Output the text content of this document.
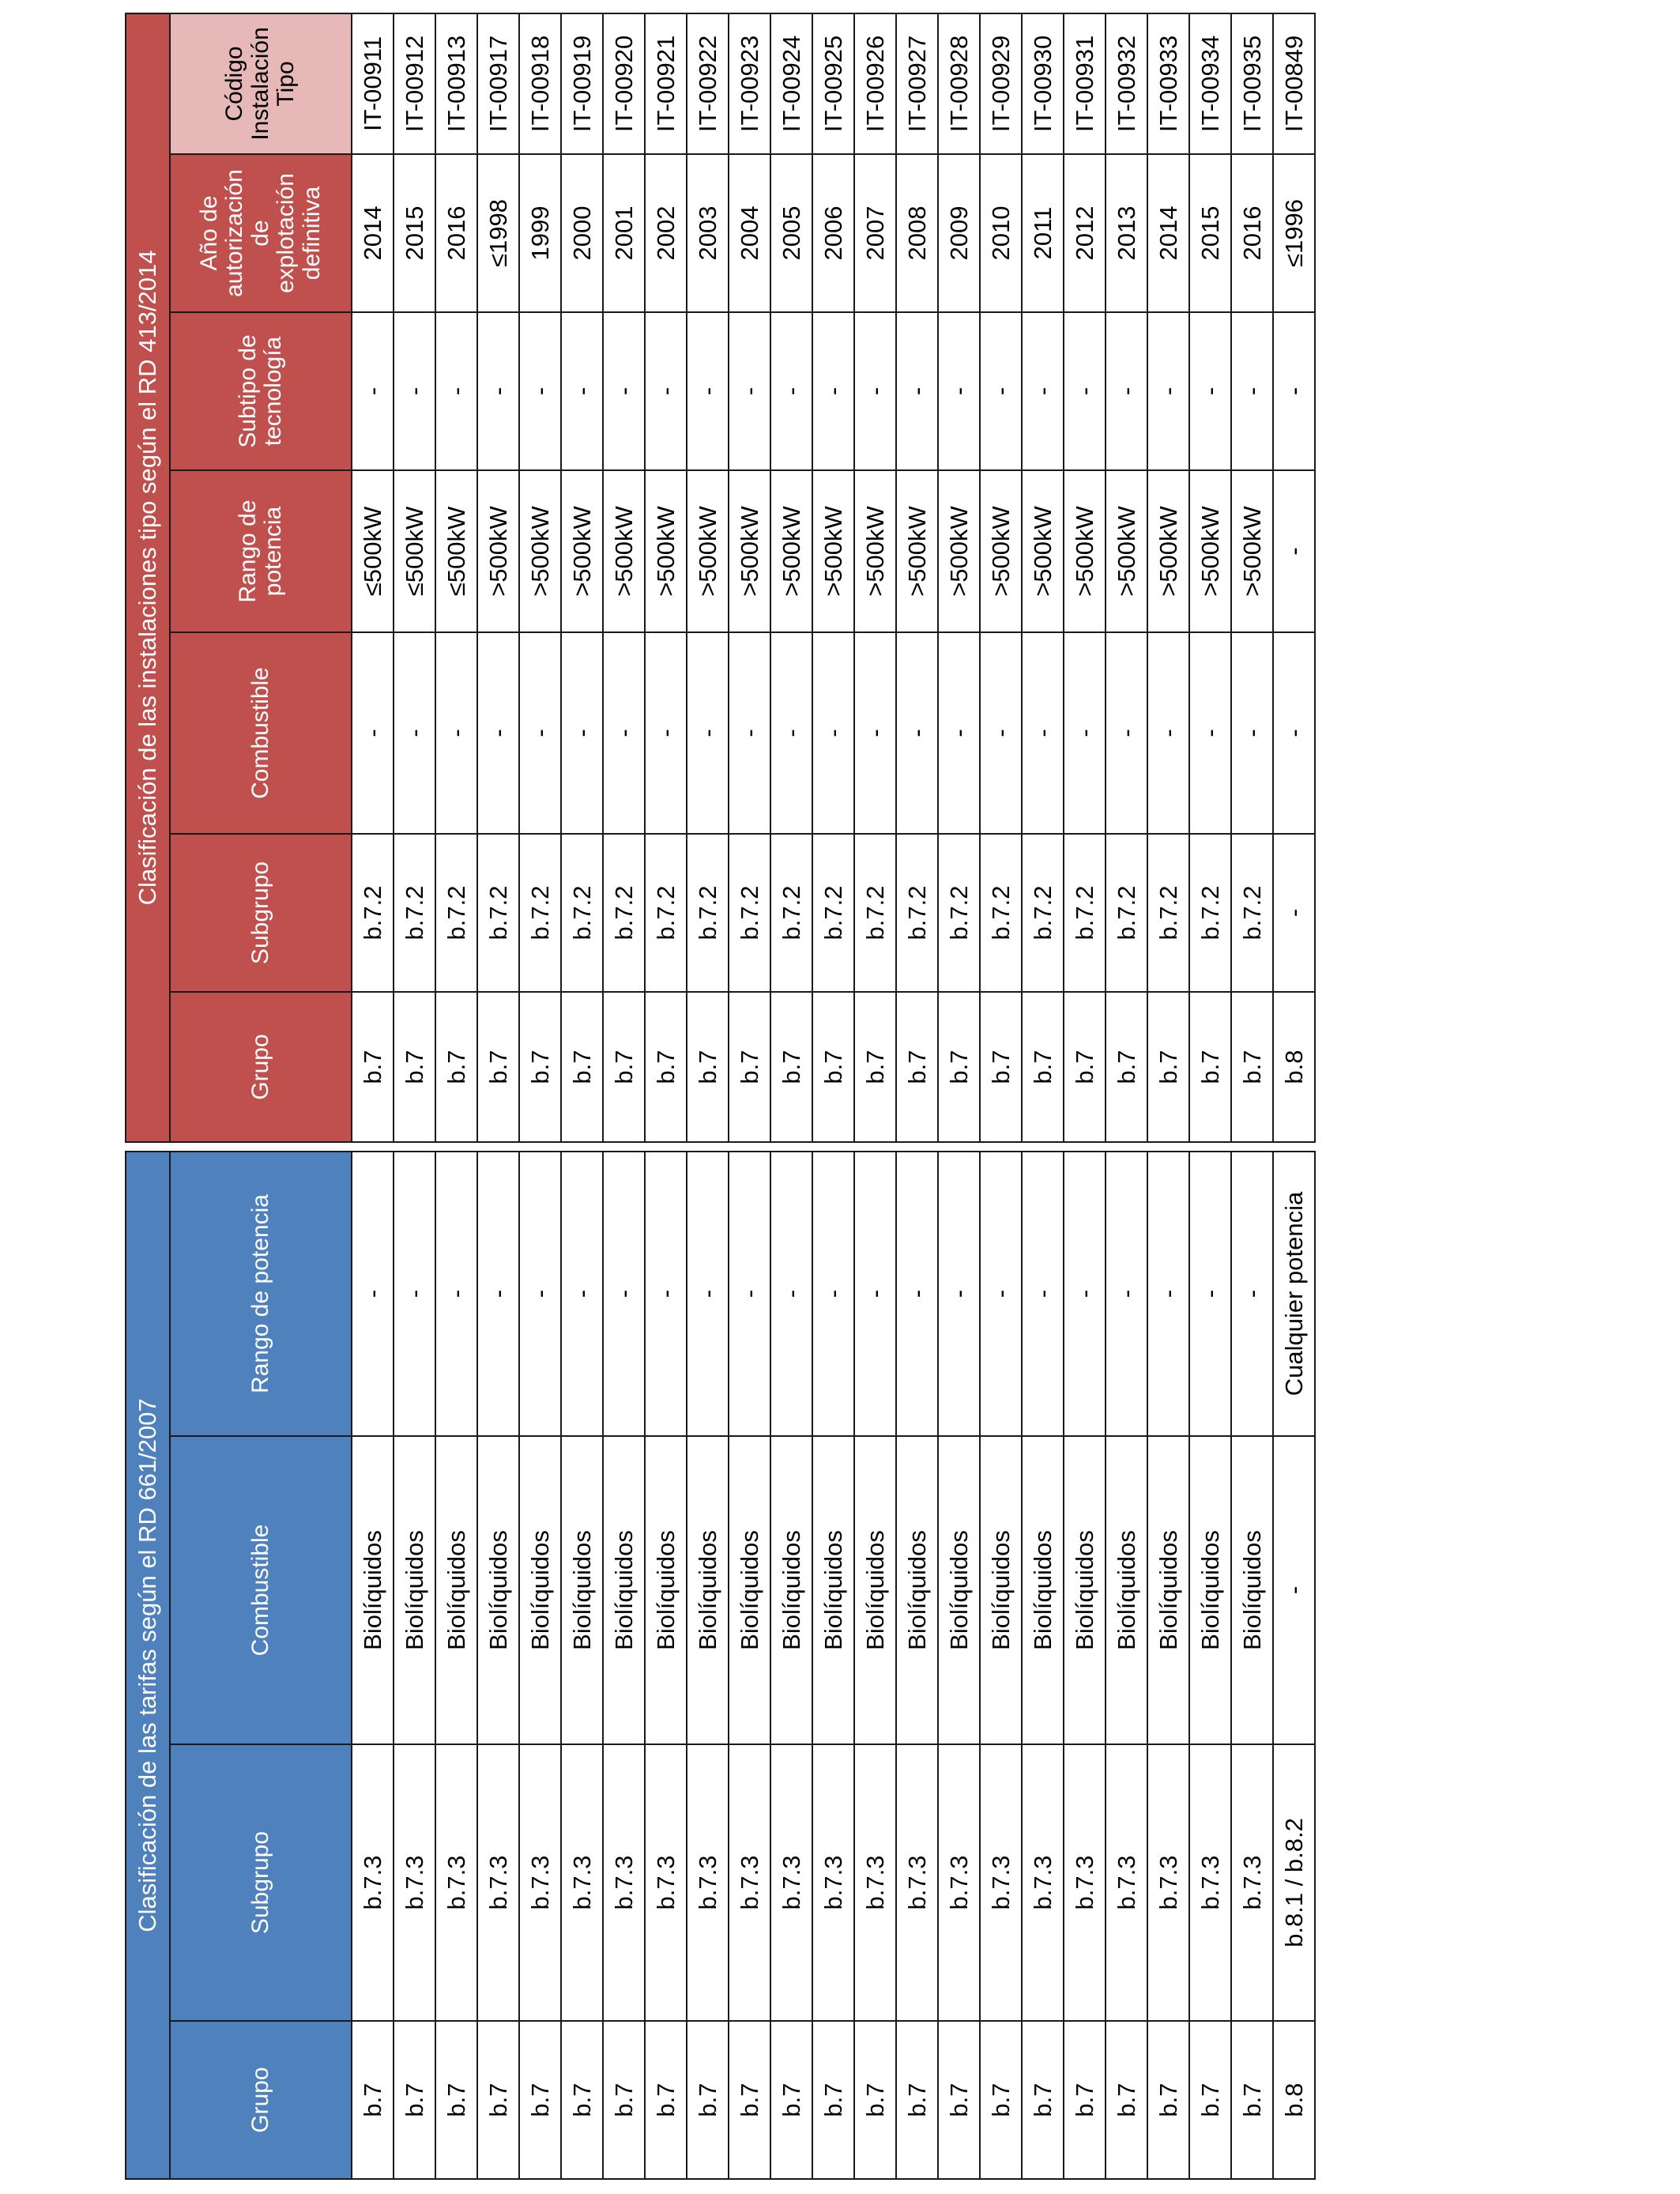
Clasificación de las tarifas según el RD 661/2007			
Grupo	Subgrupo	Combustible	Rango de potencia
b.7	b.7.3	Biolíquidos	-
b.7	b.7.3	Biolíquidos	-
b.7	b.7.3	Biolíquidos	-
b.7	b.7.3	Biolíquidos	-
b.7	b.7.3	Biolíquidos	-
b.7	b.7.3	Biolíquidos	-
b.7	b.7.3	Biolíquidos	-
b.7	b.7.3	Biolíquidos	-
b.7	b.7.3	Biolíquidos	-
b.7	b.7.3	Biolíquidos	-
b.7	b.7.3	Biolíquidos	-
b.7	b.7.3	Biolíquidos	-
b.7	b.7.3	Biolíquidos	-
b.7	b.7.3	Biolíquidos	-
b.7	b.7.3	Biolíquidos	-
b.7	b.7.3	Biolíquidos	-
b.7	b.7.3	Biolíquidos	-
b.7	b.7.3	Biolíquidos	-
b.7	b.7.3	Biolíquidos	-
b.7	b.7.3	Biolíquidos	-
b.7	b.7.3	Biolíquidos	-
b.7	b.7.3	Biolíquidos	-
b.8	b.8.1 / b.8.2	-	Cualquier potencia
Clasificación de las instalaciones tipo según el RD 413/2014						
Grupo	Subgrupo	Combustible	Rango de potencia	Subtipo de tecnología	Año de autorización de explotación definitiva	Código Instalación Tipo
b.7	b.7.2	-	≤500kW	-	2014	IT-00911
b.7	b.7.2	-	≤500kW	-	2015	IT-00912
b.7	b.7.2	-	≤500kW	-	2016	IT-00913
b.7	b.7.2	-	>500kW	-	≤1998	IT-00917
b.7	b.7.2	-	>500kW	-	1999	IT-00918
b.7	b.7.2	-	>500kW	-	2000	IT-00919
b.7	b.7.2	-	>500kW	-	2001	IT-00920
b.7	b.7.2	-	>500kW	-	2002	IT-00921
b.7	b.7.2	-	>500kW	-	2003	IT-00922
b.7	b.7.2	-	>500kW	-	2004	IT-00923
b.7	b.7.2	-	>500kW	-	2005	IT-00924
b.7	b.7.2	-	>500kW	-	2006	IT-00925
b.7	b.7.2	-	>500kW	-	2007	IT-00926
b.7	b.7.2	-	>500kW	-	2008	IT-00927
b.7	b.7.2	-	>500kW	-	2009	IT-00928
b.7	b.7.2	-	>500kW	-	2010	IT-00929
b.7	b.7.2	-	>500kW	-	2011	IT-00930
b.7	b.7.2	-	>500kW	-	2012	IT-00931
b.7	b.7.2	-	>500kW	-	2013	IT-00932
b.7	b.7.2	-	>500kW	-	2014	IT-00933
b.7	b.7.2	-	>500kW	-	2015	IT-00934
b.7	b.7.2	-	>500kW	-	2016	IT-00935
b.8	-	-	-	-	≤1996	IT-00849
